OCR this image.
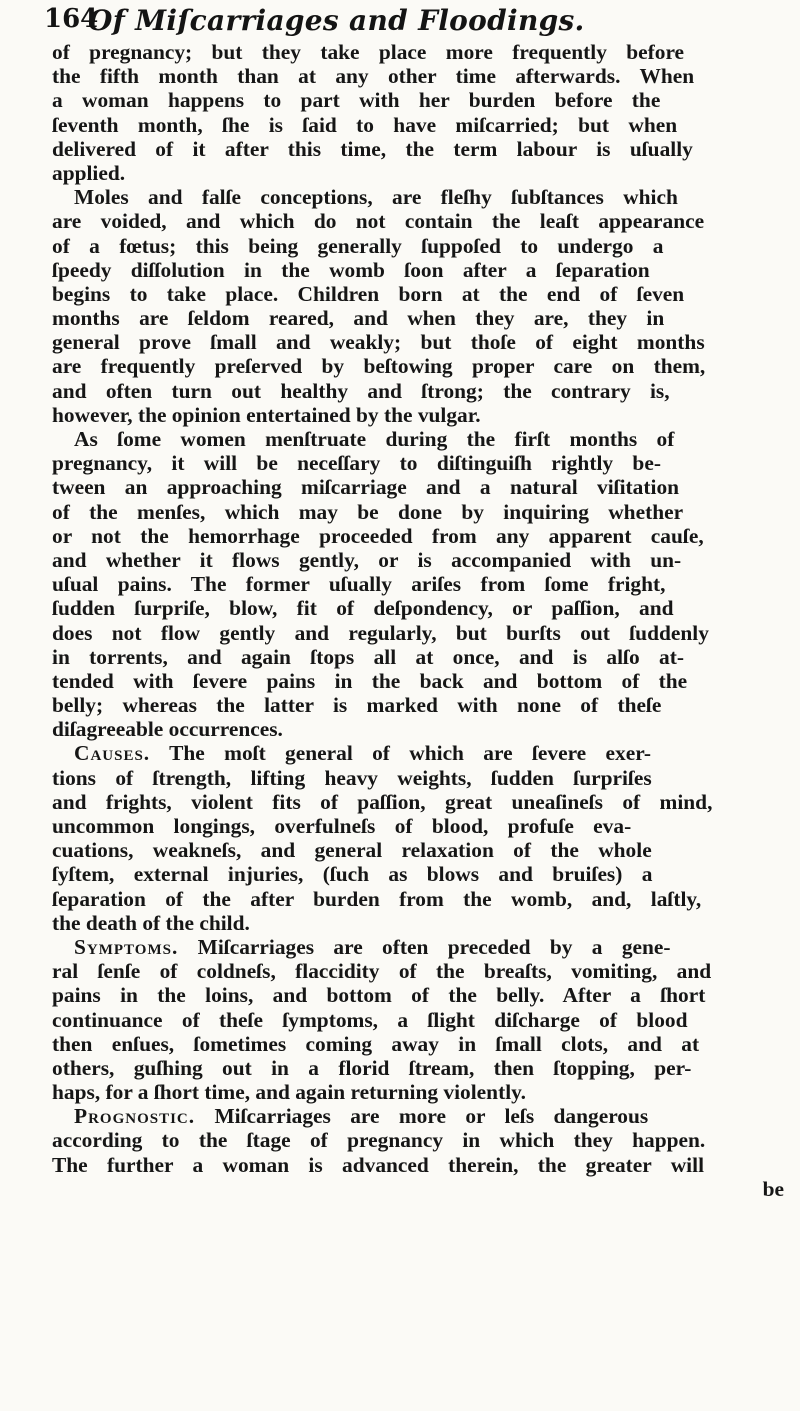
164
Of Miſcarriages and Floodings.
of pregnancy; but they take place more frequently before
the fifth month than at any other time afterwards. When
a woman happens to part with her burden before the
ſeventh month, ſhe is ſaid to have miſcarried; but when
delivered of it after this time, the term labour is uſually
applied.
Moles and falſe conceptions, are fleſhy ſubſtances which
are voided, and which do not contain the leaſt appearance
of a fœtus; this being generally ſuppoſed to undergo a
ſpeedy diſſolution in the womb ſoon after a ſeparation
begins to take place. Children born at the end of ſeven
months are ſeldom reared, and when they are, they in
general prove ſmall and weakly; but thoſe of eight months
are frequently preſerved by beſtowing proper care on them,
and often turn out healthy and ſtrong; the contrary is,
however, the opinion entertained by the vulgar.
As ſome women menſtruate during the firſt months of
pregnancy, it will be neceſſary to diſtinguiſh rightly be-
tween an approaching miſcarriage and a natural viſitation
of the menſes, which may be done by inquiring whether
or not the hemorrhage proceeded from any apparent cauſe,
and whether it flows gently, or is accompanied with un-
uſual pains. The former uſually ariſes from ſome fright,
ſudden ſurpriſe, blow, fit of deſpondency, or paſſion, and
does not flow gently and regularly, but burſts out ſuddenly
in torrents, and again ſtops all at once, and is alſo at-
tended with ſevere pains in the back and bottom of the
belly; whereas the latter is marked with none of theſe
diſagreeable occurrences.
Causes. The moſt general of which are ſevere exer-
tions of ſtrength, lifting heavy weights, ſudden ſurpriſes
and frights, violent fits of paſſion, great uneaſineſs of mind,
uncommon longings, overfulneſs of blood, profuſe eva-
cuations, weakneſs, and general relaxation of the whole
ſyſtem, external injuries, (ſuch as blows and bruiſes) a
ſeparation of the after burden from the womb, and, laſtly,
the death of the child.
Symptoms. Miſcarriages are often preceded by a gene-
ral ſenſe of coldneſs, flaccidity of the breaſts, vomiting, and
pains in the loins, and bottom of the belly. After a ſhort
continuance of theſe ſymptoms, a ſlight diſcharge of blood
then enſues, ſometimes coming away in ſmall clots, and at
others, guſhing out in a florid ſtream, then ſtopping, per-
haps, for a ſhort time, and again returning violently.
Prognostic. Miſcarriages are more or leſs dangerous
according to the ſtage of pregnancy in which they happen.
The further a woman is advanced therein, the greater will
be
